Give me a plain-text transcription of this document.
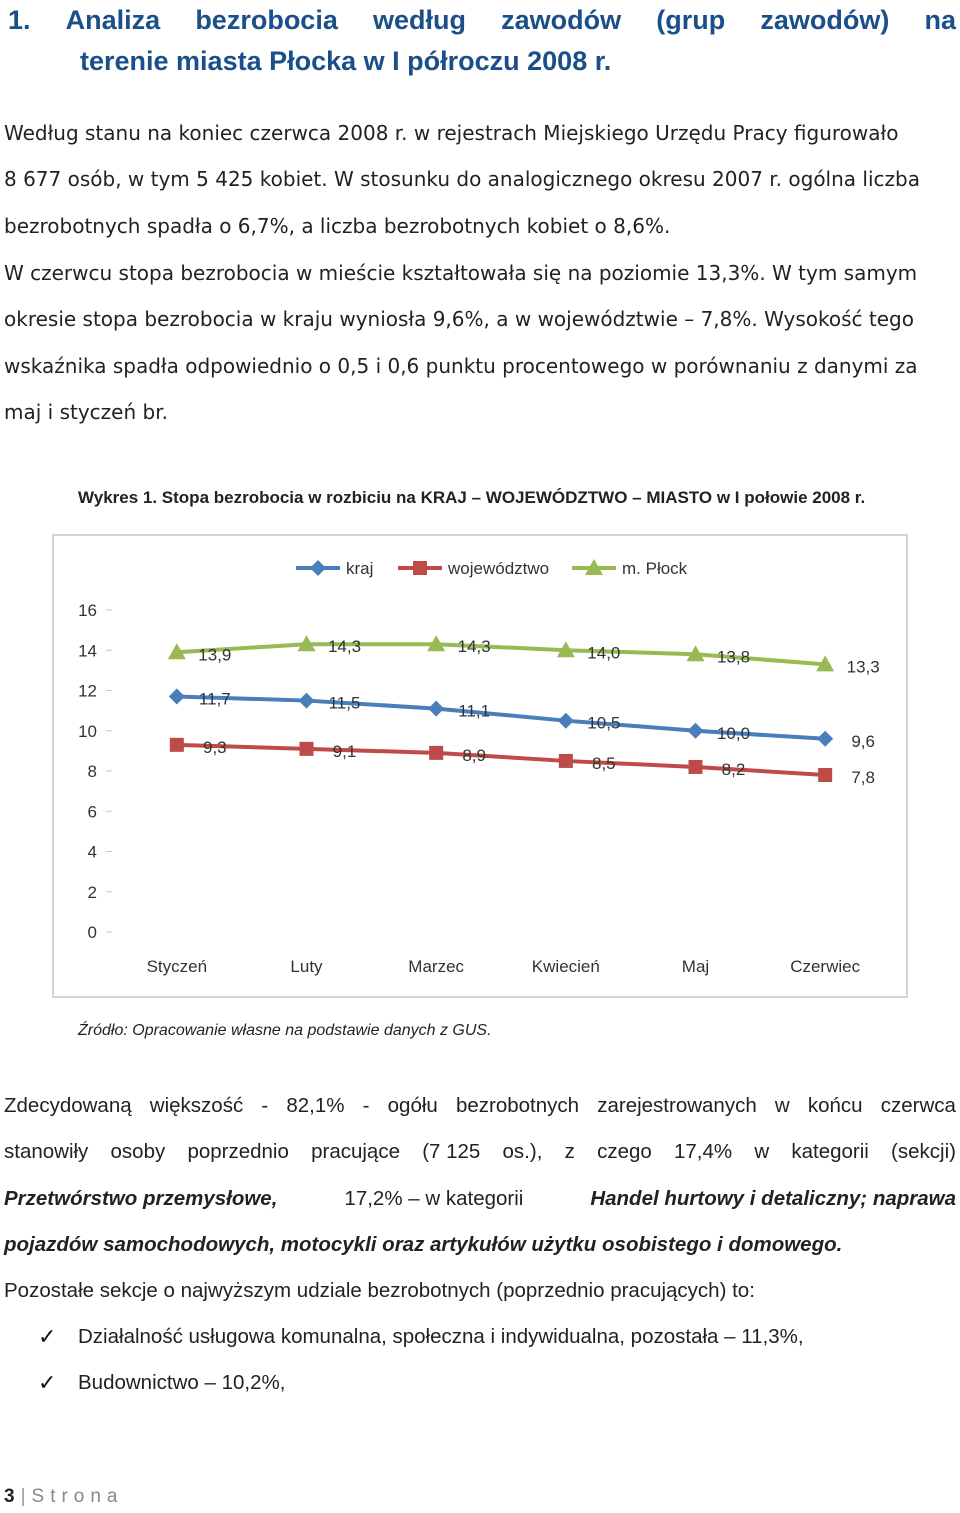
1. Analiza bezrobocia według zawodów (grup zawodów) na
terenie miasta Płocka w I półroczu 2008 r.
Według stanu na koniec czerwca 2008 r. w rejestrach Miejskiego Urzędu Pracy figurowało
8 677 osób, w tym 5 425 kobiet. W stosunku do analogicznego okresu 2007 r. ogólna liczba
bezrobotnych spadła o 6,7%, a liczba bezrobotnych kobiet o 8,6%.
W czerwcu stopa bezrobocia w mieście kształtowała się na poziomie 13,3%. W tym samym
okresie stopa bezrobocia w kraju wyniosła 9,6%, a w województwie – 7,8%. Wysokość tego
wskaźnika spadła odpowiednio o 0,5 i 0,6 punktu procentowego w porównaniu z danymi za
maj i styczeń br.
Wykres 1. Stopa bezrobocia w rozbiciu na KRAJ – WOJEWÓDZTWO – MIASTO w I połowie 2008 r.
0
2
4
6
8
10
12
14
16
Styczeń	Luty	Marzec	Kwiecień	Maj	Czerwiec
11,7	11,5	11,1
10,5
10,0	9,6
9,3	9,1	8,9	8,5	8,2	7,8
13,9	14,3	14,3	14,0	13,8
13,3
kraj	województwo	m. Płock
Źródło: Opracowanie własne na podstawie danych z GUS.
Zdecydowaną większość - 82,1% - ogółu bezrobotnych zarejestrowanych w końcu czerwca
stanowiły osoby poprzednio pracujące (7 125 os.), z czego 17,4% w kategorii (sekcji)
Przetwórstwo przemysłowe,	17,2% – w kategorii	Handel hurtowy i detaliczny; naprawa
pojazdów samochodowych, motocykli oraz artykułów użytku osobistego i domowego.
Pozostałe sekcje o najwyższym udziale bezrobotnych (poprzednio pracujących) to:
✓	Działalność usługowa komunalna, społeczna i indywidualna, pozostała – 11,3%,
✓	Budownictwo – 10,2%,
3 | Strona
